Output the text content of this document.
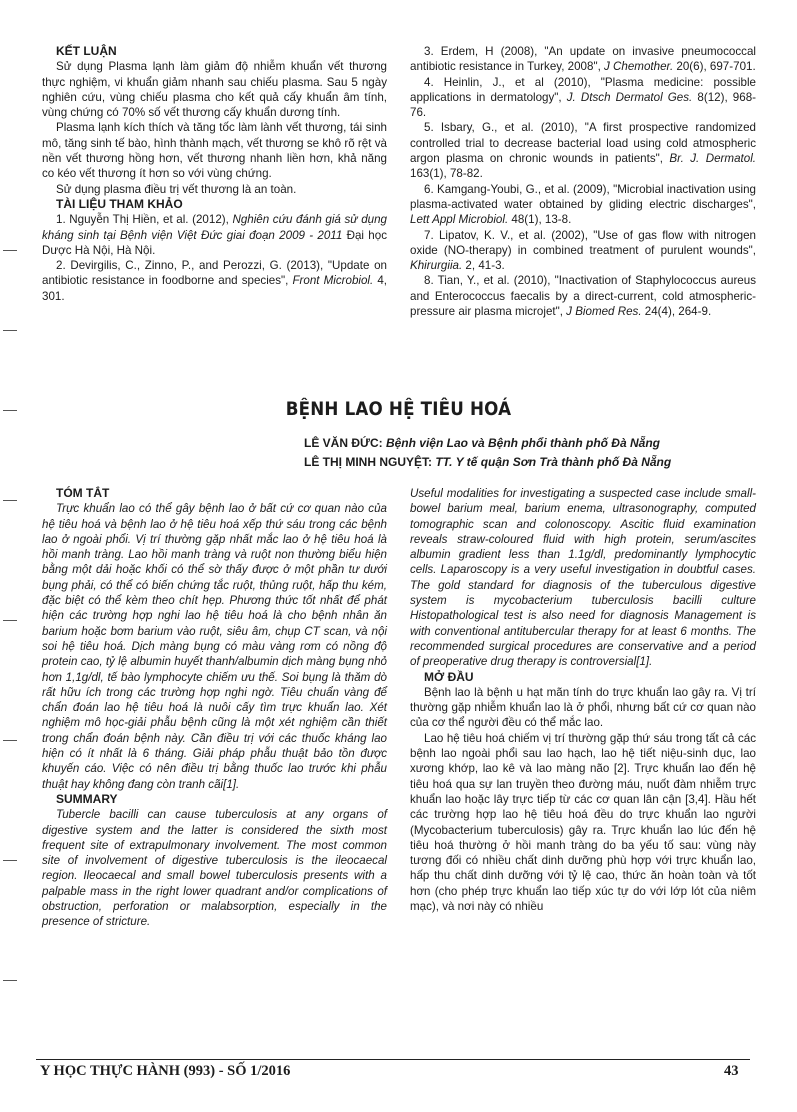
KẾT LUẬN

Sử dụng Plasma lạnh làm giảm độ nhiễm khuẩn vết thương thực nghiệm, vi khuẩn giảm nhanh sau chiếu plasma. Sau 5 ngày nghiên cứu, vùng chiếu plasma cho kết quả cấy khuẩn âm tính, vùng chứng có 70% số vết thương cấy khuẩn dương tính.

Plasma lạnh kích thích và tăng tốc làm lành vết thương, tái sinh mô, tăng sinh tế bào, hình thành mạch, vết thương se khô rõ rệt và nền vết thương hồng hơn, vết thương nhanh liền hơn, khả năng co kéo vết thương ít hơn so với vùng chứng.

Sử dụng plasma điều trị vết thương là an toàn.

TÀI LIỆU THAM KHẢO

1. Nguyễn Thị Hiền, et al. (2012), Nghiên cứu đánh giá sử dụng kháng sinh tại Bệnh viện Việt Đức giai đoạn 2009 - 2011 Đại học Dược Hà Nội, Hà Nội.

2. Devirgilis, C., Zinno, P., and Perozzi, G. (2013), "Update on antibiotic resistance in foodborne and species", Front Microbiol. 4, 301.

3. Erdem, H (2008), "An update on invasive pneumococcal antibiotic resistance in Turkey, 2008", J Chemother. 20(6), 697-701.

4. Heinlin, J., et al (2010), "Plasma medicine: possible applications in dermatology", J. Dtsch Dermatol Ges. 8(12), 968-76.

5. Isbary, G., et al. (2010), "A first prospective randomized controlled trial to decrease bacterial load using cold atmospheric argon plasma on chronic wounds in patients", Br. J. Dermatol. 163(1), 78-82.

6. Kamgang-Youbi, G., et al. (2009), "Microbial inactivation using plasma-activated water obtained by gliding electric discharges", Lett Appl Microbiol. 48(1), 13-8.

7. Lipatov, K. V., et al. (2002), "Use of gas flow with nitrogen oxide (NO-therapy) in combined treatment of purulent wounds", Khirurgiia. 2, 41-3.

8. Tian, Y., et al. (2010), "Inactivation of Staphylococcus aureus and Enterococcus faecalis by a direct-current, cold atmospheric-pressure air plasma microjet", J Biomed Res. 24(4), 264-9.

BỆNH LAO HỆ TIÊU HOÁ
LÊ VĂN ĐỨC: Bệnh viện Lao và Bệnh phổi thành phố Đà Nẵng
LÊ THỊ MINH NGUYỆT: TT. Y tế quận Sơn Trà thành phố Đà Nẵng
TÓM TẮT

Trực khuẩn lao có thể gây bệnh lao ở bất cứ cơ quan nào của hệ tiêu hoá và bệnh lao ở hệ tiêu hoá xếp thứ sáu trong các bệnh lao ở ngoài phổi. Vị trí thường gặp nhất mắc lao ở hệ tiêu hoá là hồi manh tràng. Lao hồi manh tràng và ruột non thường biểu hiện bằng một dải hoặc khối có thể sờ thấy được ở một phần tư dưới bụng phải, có thể có biến chứng tắc ruột, thủng ruột, hấp thu kém, đặc biệt có thể kèm theo chít hẹp. Phương thức tốt nhất để phát hiện các trường hợp nghi lao hệ tiêu hoá là cho bệnh nhân ăn barium hoặc bơm barium vào ruột, siêu âm, chụp CT scan, và nội soi hệ tiêu hoá. Dịch màng bụng có màu vàng rơm có nồng độ protein cao, tỷ lệ albumin huyết thanh/albumin dịch màng bụng nhỏ hơn 1,1g/dl, tế bào lymphocyte chiếm ưu thế. Soi bụng là thăm dò rất hữu ích trong các trường hợp nghi ngờ. Tiêu chuẩn vàng để chẩn đoán lao hệ tiêu hoá là nuôi cấy tìm trực khuẩn lao. Xét nghiệm mô học-giải phẫu bệnh cũng là một xét nghiệm cần thiết trong chẩn đoán bệnh này. Cần điều trị với các thuốc kháng lao hiện có ít nhất là 6 tháng. Giải pháp phẫu thuật bảo tồn được khuyến cáo. Việc có nên điều trị bằng thuốc lao trước khi phẫu thuật hay không đang còn tranh cãi[1].

SUMMARY

Tubercle bacilli can cause tuberculosis at any organs of digestive system and the latter is considered the sixth most frequent site of extrapulmonary involvement. The most common site of involvement of digestive tuberculosis is the ileocaecal region. Ileocaecal and small bowel tuberculosis presents with a palpable mass in the right lower quadrant and/or complications of obstruction, perforation or malabsorption, especially in the presence of stricture.

Useful modalities for investigating a suspected case include small-bowel barium meal, barium enema, ultrasonography, computed tomographic scan and colonoscopy. Ascitic fluid examination reveals straw-coloured fluid with high protein, serum/ascites albumin gradient less than 1.1g/dl, predominantly lymphocytic cells. Laparoscopy is a very useful investigation in doubtful cases. The gold standard for diagnosis of the tuberculous digestive system is mycobacterium tuberculosis bacilli culture Histopathological test is also need for diagnosis Management is with conventional antitubercular therapy for at least 6 months. The recommended surgical procedures are conservative and a period of preoperative drug therapy is controversial[1].

MỞ ĐẦU

Bệnh lao là bệnh u hạt mãn tính do trực khuẩn lao gây ra. Vị trí thường gặp nhiễm khuẩn lao là ở phổi, nhưng bất cứ cơ quan nào của cơ thể người đều có thể mắc lao.

Lao hệ tiêu hoá chiếm vị trí thường gặp thứ sáu trong tất cả các bệnh lao ngoài phổi sau lao hạch, lao hệ tiết niệu-sinh dục, lao xương khớp, lao kê và lao màng não [2]. Trực khuẩn lao đến hệ tiêu hoá qua sự lan truyền theo đường máu, nuốt đàm nhiễm trực khuẩn lao hoặc lây trực tiếp từ các cơ quan lân cận [3,4]. Hầu hết các trường hợp lao hệ tiêu hoá đều do trực khuẩn lao người (Mycobacterium tuberculosis) gây ra. Trực khuẩn lao lúc đến hệ tiêu hoá thường ở hồi manh tràng do ba yếu tố sau: vùng này tương đối có nhiều chất dinh dưỡng phù hợp với trực khuẩn lao, hấp thu chất dinh dưỡng với tỷ lệ cao, thức ăn hoàn toàn và tốt hơn (cho phép trực khuẩn lao tiếp xúc tự do với lớp lót của niêm mạc), và nơi này có nhiều

Y HỌC THỰC HÀNH (993) - SỐ 1/2016	43
